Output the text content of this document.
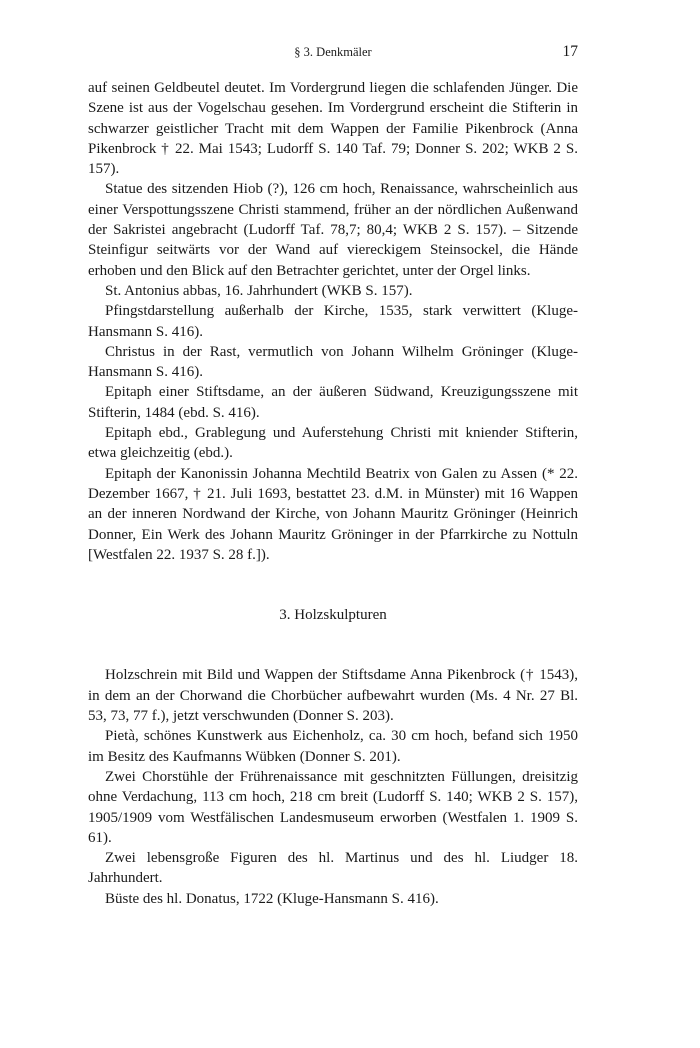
§ 3. Denkmäler	17

auf seinen Geldbeutel deutet. Im Vordergrund liegen die schlafenden Jünger. Die Szene ist aus der Vogelschau gesehen. Im Vordergrund erscheint die Stifterin in schwarzer geistlicher Tracht mit dem Wappen der Familie Pikenbrock (Anna Pikenbrock † 22. Mai 1543; Ludorff S. 140 Taf. 79; Donner S. 202; WKB 2 S. 157).

Statue des sitzenden Hiob (?), 126 cm hoch, Renaissance, wahrscheinlich aus einer Verspottungsszene Christi stammend, früher an der nördlichen Außenwand der Sakristei angebracht (Ludorff Taf. 78,7; 80,4; WKB 2 S. 157). – Sitzende Steinfigur seitwärts vor der Wand auf viereckigem Steinsockel, die Hände erhoben und den Blick auf den Betrachter gerichtet, unter der Orgel links.

St. Antonius abbas, 16. Jahrhundert (WKB S. 157).

Pfingstdarstellung außerhalb der Kirche, 1535, stark verwittert (Kluge-Hansmann S. 416).

Christus in der Rast, vermutlich von Johann Wilhelm Gröninger (Kluge-Hansmann S. 416).

Epitaph einer Stiftsdame, an der äußeren Südwand, Kreuzigungsszene mit Stifterin, 1484 (ebd. S. 416).

Epitaph ebd., Grablegung und Auferstehung Christi mit kniender Stifterin, etwa gleichzeitig (ebd.).

Epitaph der Kanonissin Johanna Mechtild Beatrix von Galen zu Assen (* 22. Dezember 1667, † 21. Juli 1693, bestattet 23. d.M. in Münster) mit 16 Wappen an der inneren Nordwand der Kirche, von Johann Mauritz Gröninger (Heinrich Donner, Ein Werk des Johann Mauritz Gröninger in der Pfarrkirche zu Nottuln [Westfalen 22. 1937 S. 28 f.]).

3. Holzskulpturen

Holzschrein mit Bild und Wappen der Stiftsdame Anna Pikenbrock († 1543), in dem an der Chorwand die Chorbücher aufbewahrt wurden (Ms. 4 Nr. 27 Bl. 53, 73, 77 f.), jetzt verschwunden (Donner S. 203).

Pietà, schönes Kunstwerk aus Eichenholz, ca. 30 cm hoch, befand sich 1950 im Besitz des Kaufmanns Wübken (Donner S. 201).

Zwei Chorstühle der Frührenaissance mit geschnitzten Füllungen, dreisitzig ohne Verdachung, 113 cm hoch, 218 cm breit (Ludorff S. 140; WKB 2 S. 157), 1905/1909 vom Westfälischen Landesmuseum erworben (Westfalen 1. 1909 S. 61).

Zwei lebensgroße Figuren des hl. Martinus und des hl. Liudger 18. Jahrhundert.

Büste des hl. Donatus, 1722 (Kluge-Hansmann S. 416).
